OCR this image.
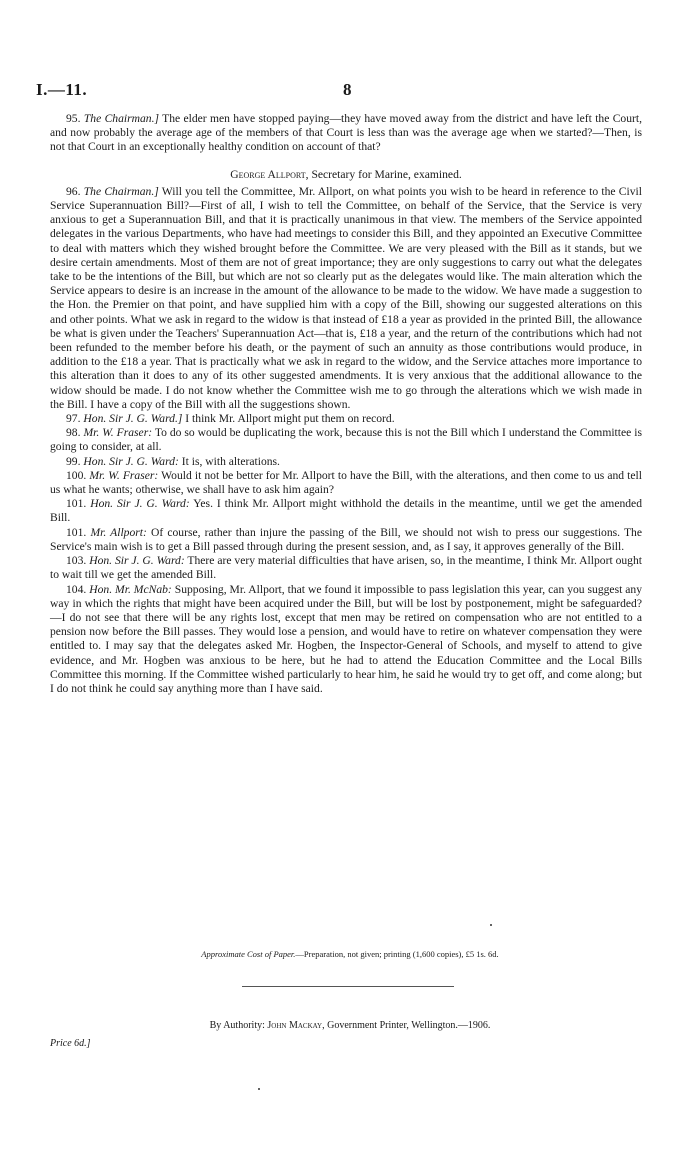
I.—11.	8

95. The Chairman.] The elder men have stopped paying—they have moved away from the district and have left the Court, and now probably the average age of the members of that Court is less than was the average age when we started?—Then, is not that Court in an exceptionally healthy condition on account of that?

George Allport, Secretary for Marine, examined.

96. The Chairman.] Will you tell the Committee, Mr. Allport, on what points you wish to be heard in reference to the Civil Service Superannuation Bill?—First of all, I wish to tell the Committee, on behalf of the Service, that the Service is very anxious to get a Superannuation Bill, and that it is practically unanimous in that view. The members of the Service appointed delegates in the various Departments, who have had meetings to consider this Bill, and they appointed an Executive Committee to deal with matters which they wished brought before the Committee. We are very pleased with the Bill as it stands, but we desire certain amendments. Most of them are not of great importance; they are only suggestions to carry out what the delegates take to be the intentions of the Bill, but which are not so clearly put as the delegates would like. The main alteration which the Service appears to desire is an increase in the amount of the allowance to be made to the widow. We have made a suggestion to the Hon. the Premier on that point, and have supplied him with a copy of the Bill, showing our suggested alterations on this and other points. What we ask in regard to the widow is that instead of £18 a year as provided in the printed Bill, the allowance be what is given under the Teachers' Superannuation Act—that is, £18 a year, and the return of the contributions which had not been refunded to the member before his death, or the payment of such an annuity as those contributions would produce, in addition to the £18 a year. That is practically what we ask in regard to the widow, and the Service attaches more importance to this alteration than it does to any of its other suggested amendments. It is very anxious that the additional allowance to the widow should be made. I do not know whether the Committee wish me to go through the alterations which we wish made in the Bill. I have a copy of the Bill with all the suggestions shown.

97. Hon. Sir J. G. Ward.] I think Mr. Allport might put them on record.

98. Mr. W. Fraser: To do so would be duplicating the work, because this is not the Bill which I understand the Committee is going to consider, at all.

99. Hon. Sir J. G. Ward: It is, with alterations.

100. Mr. W. Fraser: Would it not be better for Mr. Allport to have the Bill, with the alterations, and then come to us and tell us what he wants; otherwise, we shall have to ask him again?

101. Hon. Sir J. G. Ward: Yes. I think Mr. Allport might withhold the details in the meantime, until we get the amended Bill.

101. Mr. Allport: Of course, rather than injure the passing of the Bill, we should not wish to press our suggestions. The Service's main wish is to get a Bill passed through during the present session, and, as I say, it approves generally of the Bill.

103. Hon. Sir J. G. Ward: There are very material difficulties that have arisen, so, in the meantime, I think Mr. Allport ought to wait till we get the amended Bill.

104. Hon. Mr. McNab: Supposing, Mr. Allport, that we found it impossible to pass legislation this year, can you suggest any way in which the rights that might have been acquired under the Bill, but will be lost by postponement, might be safeguarded?—I do not see that there will be any rights lost, except that men may be retired on compensation who are not entitled to a pension now before the Bill passes. They would lose a pension, and would have to retire on whatever compensation they were entitled to. I may say that the delegates asked Mr. Hogben, the Inspector-General of Schools, and myself to attend to give evidence, and Mr. Hogben was anxious to be here, but he had to attend the Education Committee and the Local Bills Committee this morning. If the Committee wished particularly to hear him, he said he would try to get off, and come along; but I do not think he could say anything more than I have said.

Approximate Cost of Paper.—Preparation, not given; printing (1,600 copies), £5 1s. 6d.
By Authority: John Mackay, Government Printer, Wellington.—1906.
Price 6d.]
